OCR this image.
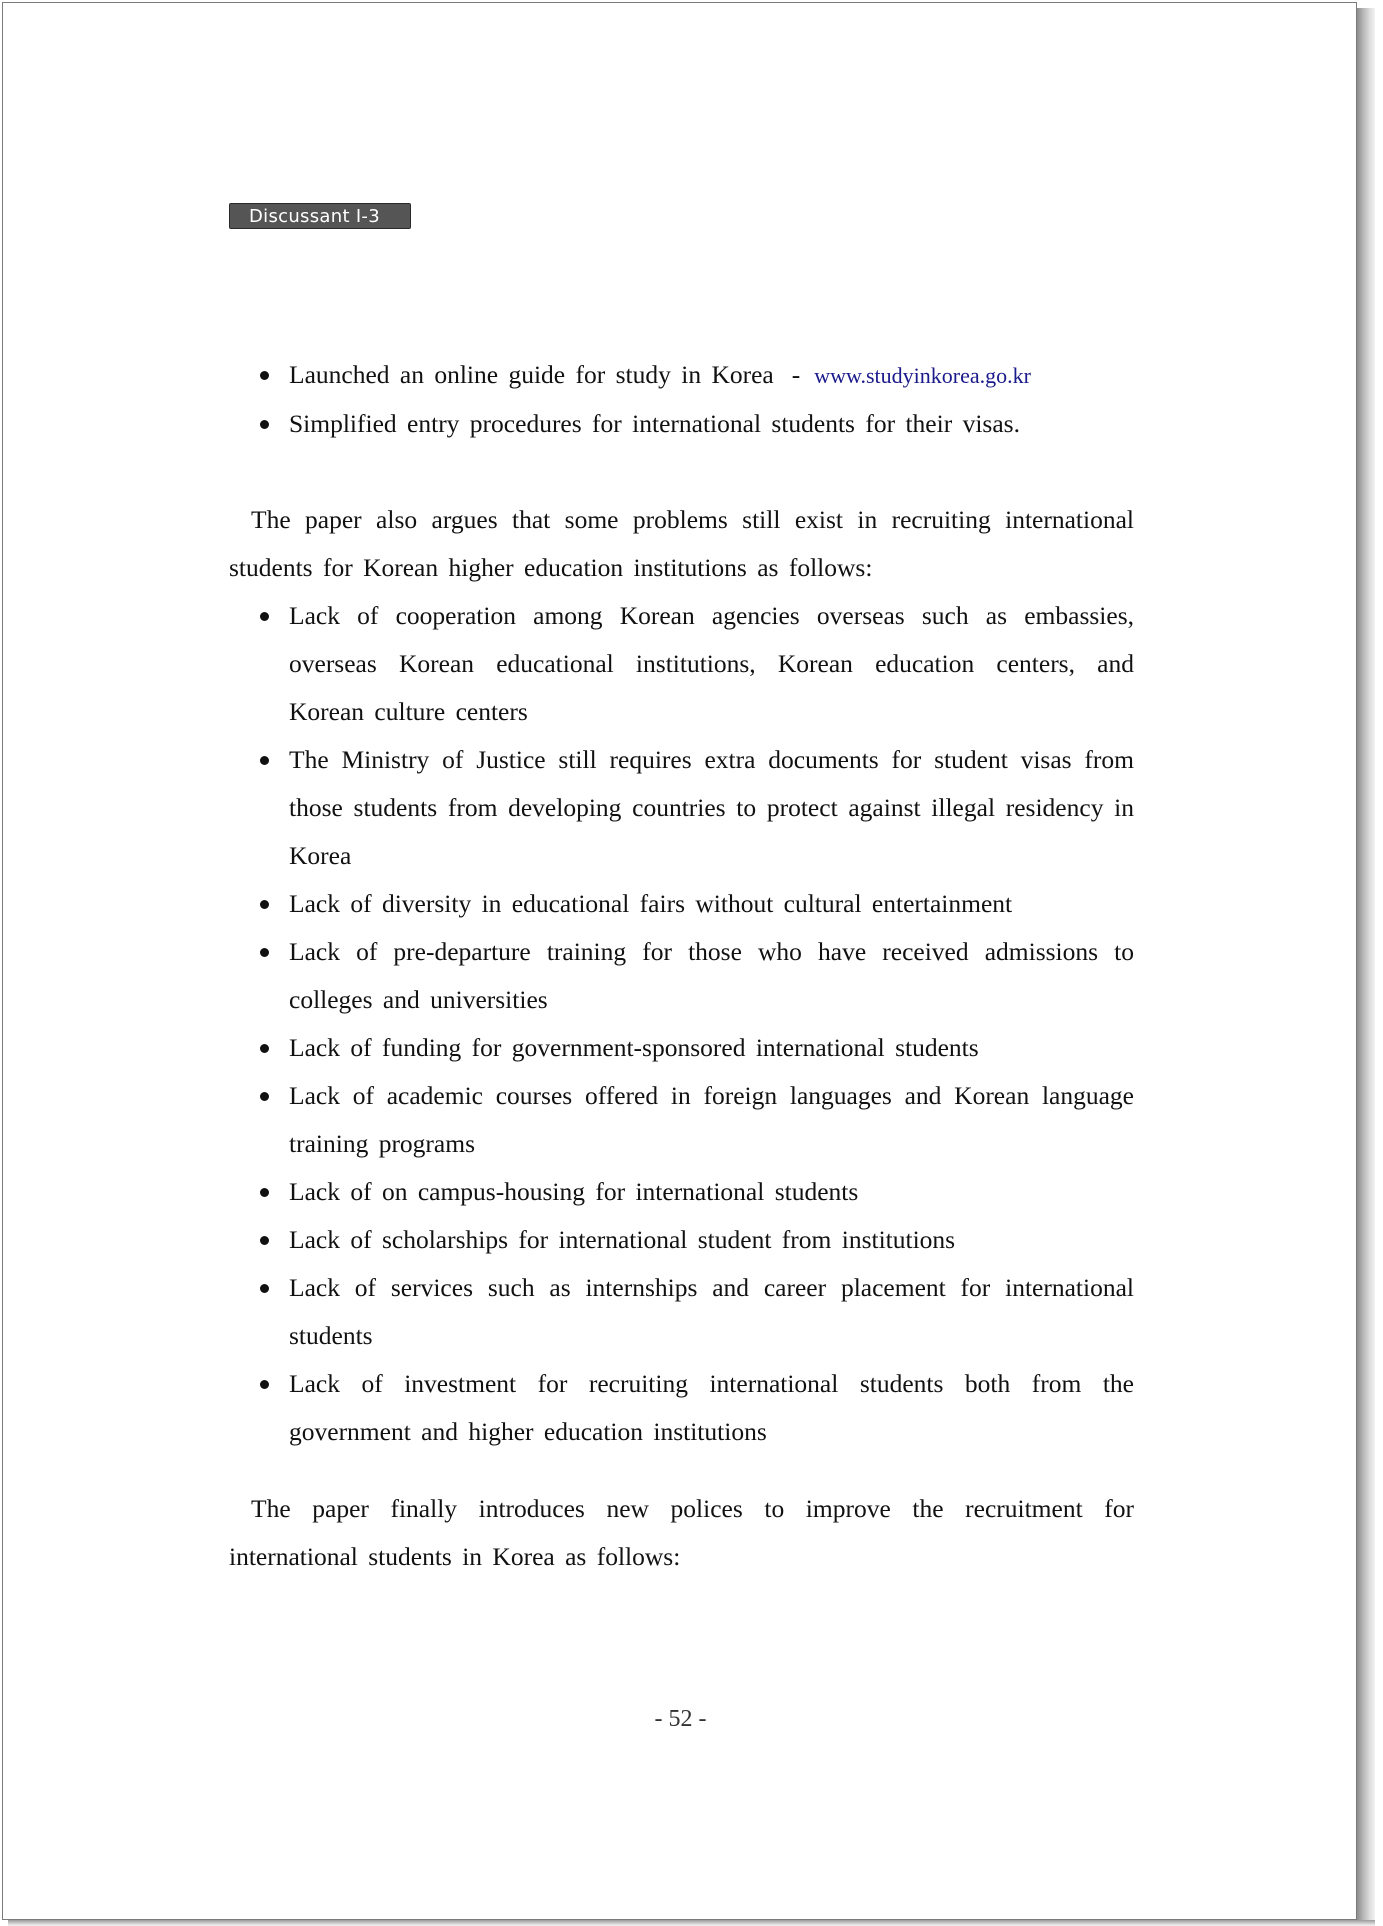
Discussant Ⅰ-3
Launched an online guide for study in Korea - www.studyinkorea.go.kr
Simplified entry procedures for international students for their visas.

The paper also argues that some problems still exist in recruiting international students for Korean higher education institutions as follows:

Lack of cooperation among Korean agencies overseas such as embassies, overseas Korean educational institutions, Korean education centers, and Korean culture centers
The Ministry of Justice still requires extra documents for student visas from those students from developing countries to protect against illegal residency in Korea
Lack of diversity in educational fairs without cultural entertainment
Lack of pre-departure training for those who have received admissions to colleges and universities
Lack of funding for government-sponsored international students
Lack of academic courses offered in foreign languages and Korean language training programs
Lack of on campus-housing for international students
Lack of scholarships for international student from institutions
Lack of services such as internships and career placement for international students
Lack of investment for recruiting international students both from the government and higher education institutions

The paper finally introduces new polices to improve the recruitment for international students in Korea as follows:

- 52 -
